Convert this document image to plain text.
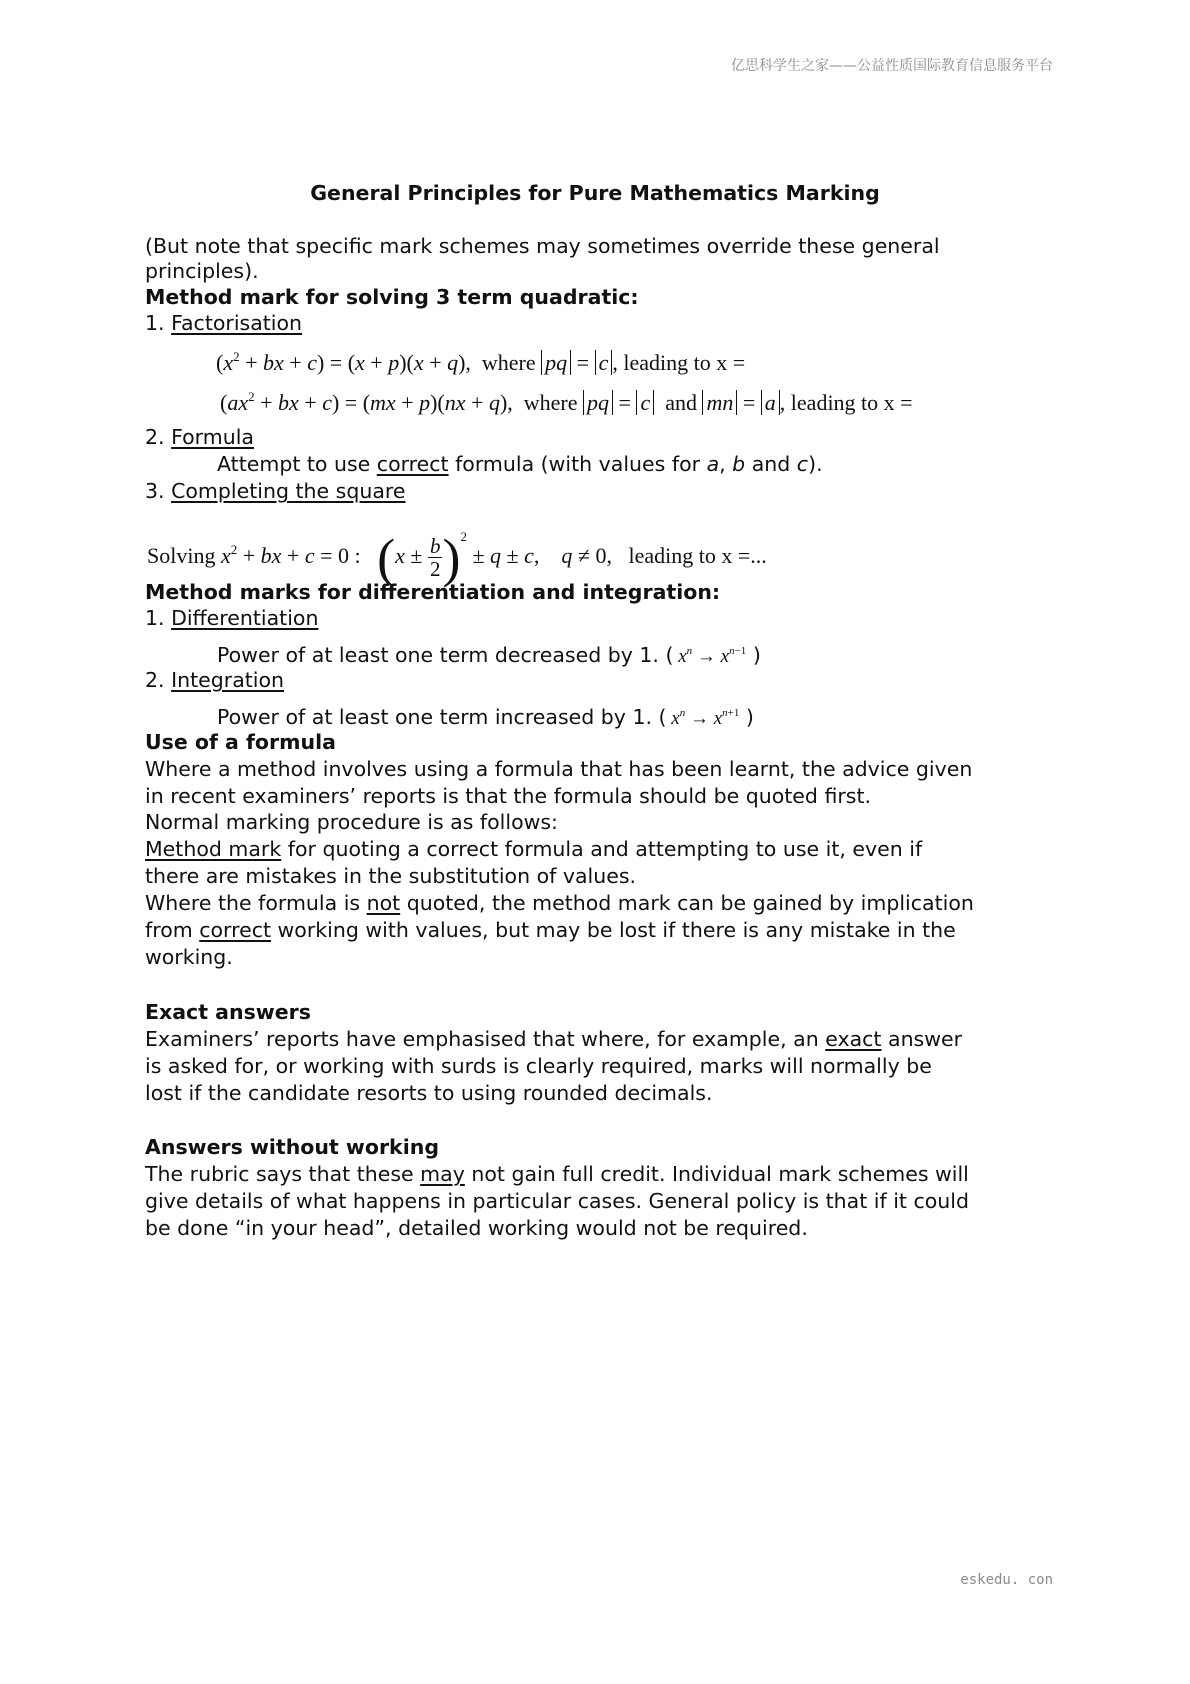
亿思科学生之家——公益性质国际教育信息服务平台
General Principles for Pure Mathematics Marking
(But note that specific mark schemes may sometimes override these general
principles).
Method mark for solving 3 term quadratic:
1. Factorisation
($x^2$ + bx + c) = (x + p)(x + q),  where pq = c , leading to x =
($ax^2$ + bx + c) = (mx + p)(nx + q),  where pq = c and mn = a , leading to x =
2. Formula
Attempt to use correct formula (with values for a, b and c).
3. Completing the square
Solving $x^2$ + bx + c = 0 :   $(x \pm \frac{b}{2} )^2 \pm q \pm c$,    q ≠ 0,   leading to x =...
Method marks for differentiation and integration:
1. Differentiation
Power of at least one term decreased by 1. ( $x^n \to x^{n-1}$ )
2. Integration
Power of at least one term increased by 1. ( $x^n \to x^{n+1}$ )
Use of a formula
Where a method involves using a formula that has been learnt, the advice given
in recent examiners’ reports is that the formula should be quoted first.
Normal marking procedure is as follows:
Method mark for quoting a correct formula and attempting to use it, even if
there are mistakes in the substitution of values.
Where the formula is not quoted, the method mark can be gained by implication
from correct working with values, but may be lost if there is any mistake in the
working.
Exact answers
Examiners’ reports have emphasised that where, for example, an exact answer
is asked for, or working with surds is clearly required, marks will normally be
lost if the candidate resorts to using rounded decimals.
Answers without working
The rubric says that these may not gain full credit. Individual mark schemes will
give details of what happens in particular cases. General policy is that if it could
be done “in your head”, detailed working would not be required.
eskedu. con
